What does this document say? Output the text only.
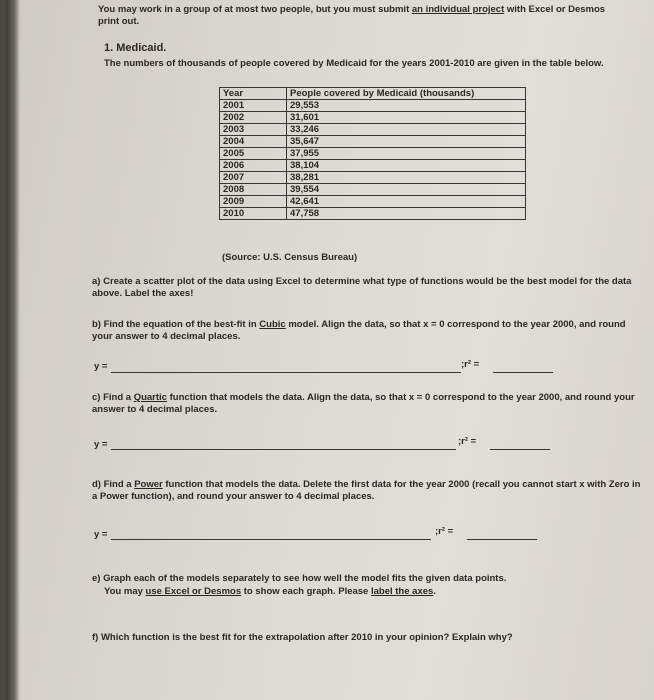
You may work in a group of at most two people, but you must submit an individual project with Excel or Desmos print out.
1. Medicaid.
The numbers of thousands of people covered by Medicaid for the years 2001-2010 are given in the table below.
Year	People covered by Medicaid (thousands)
2001	29,553
2002	31,601
2003	33,246
2004	35,647
2005	37,955
2006	38,104
2007	38,281
2008	39,554
2009	42,641
2010	47,758
(Source: U.S. Census Bureau)
a) Create a scatter plot of the data using Excel to determine what type of functions would be the best model for the data above. Label the axes!
b) Find the equation of the best-fit in Cubic model. Align the data, so that x = 0 correspond to the year 2000, and round your answer to 4 decimal places.
y =	;r² =
c) Find a Quartic function that models the data. Align the data, so that x = 0 correspond to the year 2000, and round your answer to 4 decimal places.
y =	;r² =
d) Find a Power function that models the data. Delete the first data for the year 2000 (recall you cannot start x with Zero in a Power function), and round your answer to 4 decimal places.
y =	;r² =
e) Graph each of the models separately to see how well the model fits the given data points.
You may use Excel or Desmos to show each graph. Please label the axes.
f) Which function is the best fit for the extrapolation after 2010 in your opinion? Explain why?
